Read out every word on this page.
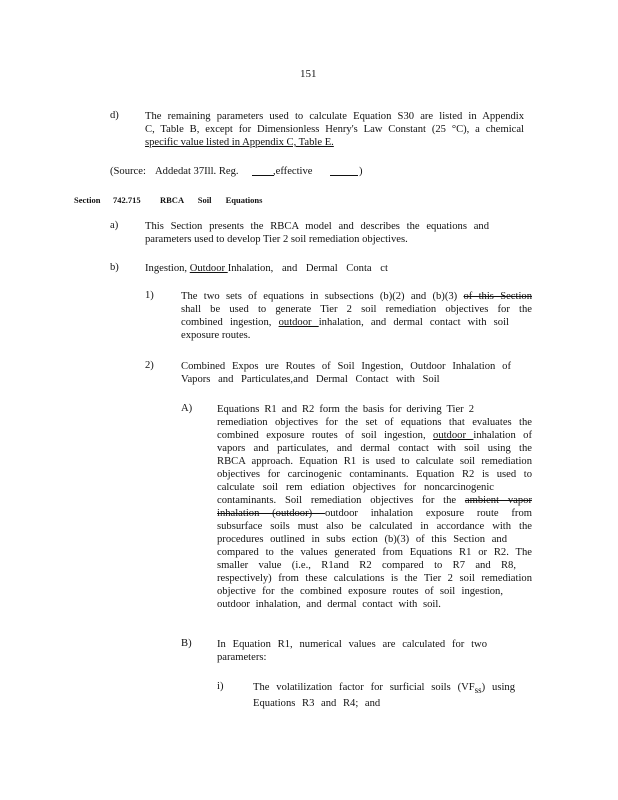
151
d) The remaining parameters used to calculate Equation S30 are listed in Appendix
C, Table B, except for Dimensionless Henry's Law Constant (25 °C), a chemical
specific value listed in Appendix C, Table E.
(Source: Addedat 37Ill. Reg.	,effective	)
Section 742.715 RBCA Soil Equations
a)	This Section presents the RBCA model and describes the equations and
parameters used to develop Tier 2 soil remediation objectives.
b) Ingestion, Outdoor Inhalation, and Dermal Conta ct
1)	The two sets of equations in subsections (b)(2) and (b)(3) of this Section
shall be used to generate Tier 2 soil remediation objectives for the
combined ingestion, outdoor inhalation, and dermal contact with soil
exposure routes.
2)	Combined Expos ure Routes of Soil Ingestion, Outdoor Inhalation of
Vapors and Particulates,and Dermal Contact with Soil
A) Equations R1 and R2 form the basis for deriving Tier 2
remediation objectives for the set of equations that evaluates the
combined exposure routes of soil ingestion, outdoor inhalation of
vapors and particulates, and dermal contact with soil using the
RBCA approach. Equation R1 is used to calculate soil remediation
objectives for carcinogenic contaminants. Equation R2 is used to
calculate soil rem ediation objectives for noncarcinogenic
contaminants. Soil remediation objectives for the ambient vapor
inhalation (outdoor) outdoor inhalation exposure route from
subsurface soils must also be calculated in accordance with the
procedures outlined in subs ection (b)(3) of this Section and
compared to the values generated from Equations R1 or R2. The
smaller value (i.e., R1and R2 compared to R7 and R8,
respectively) from these calculations is the Tier 2 soil remediation
objective for the combined exposure routes of soil ingestion,
outdoor inhalation, and dermal contact with soil.
B) In Equation R1, numerical values are calculated for two
parameters:
i)	The volatilization factor for surficial soils $(VF_{ss})$ using
Equations R3 and R4; and
